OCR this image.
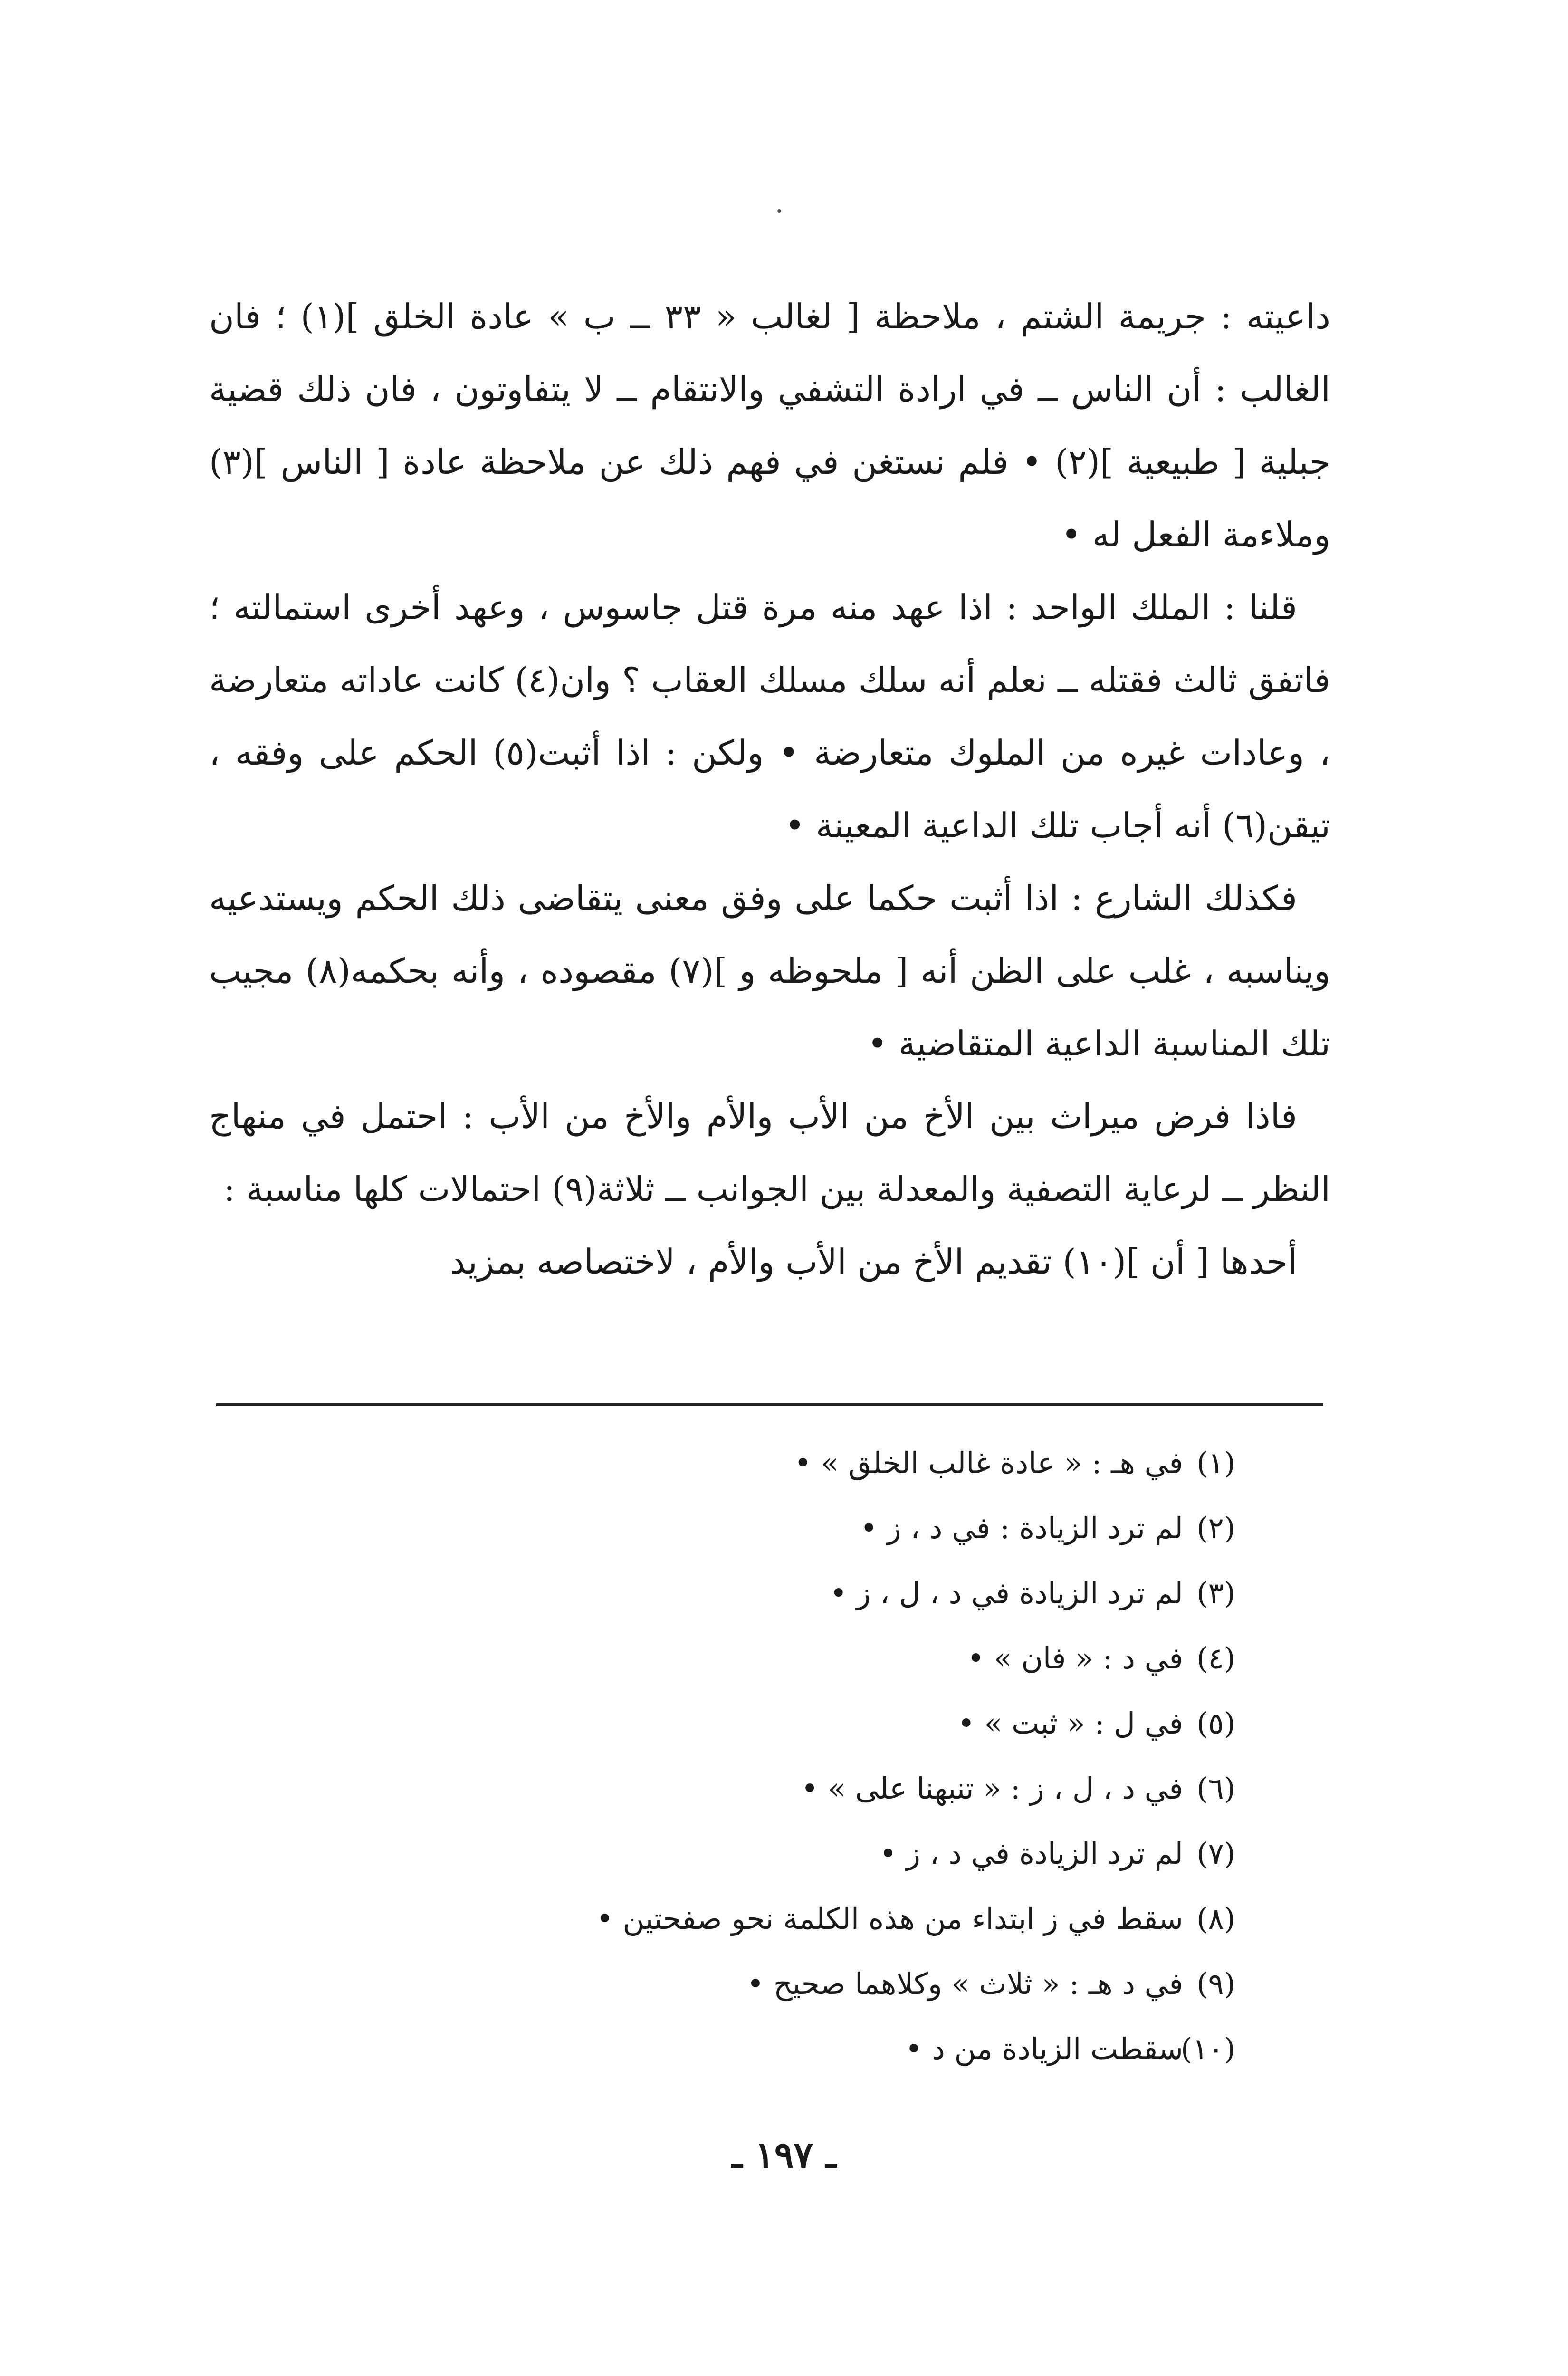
داعيته : جريمة الشتم ، ملاحظة [ لغالب « ٣٣ ــ ب » عادة الخلق ](١) ؛ فان الغالب : أن الناس ــ في ارادة التشفي والانتقام ــ لا يتفاوتون ، فان ذلك قضية جبلية [ طبيعية ](٢) • فلم نستغن في فهم ذلك عن ملاحظة عادة [ الناس ](٣) وملاءمة الفعل له •

قلنا : الملك الواحد : اذا عهد منه مرة قتل جاسوس ، وعهد أخرى استمالته ؛ فاتفق ثالث فقتله ــ نعلم أنه سلك مسلك العقاب ؟ وان(٤) كانت عاداته متعارضة ، وعادات غيره من الملوك متعارضة • ولكن : اذا أثبت(٥) الحكم على وفقه ، تيقن(٦) أنه أجاب تلك الداعية المعينة •

فكذلك الشارع : اذا أثبت حكما على وفق معنى يتقاضى ذلك الحكم ويستدعيه ويناسبه ، غلب على الظن أنه [ ملحوظه و ](٧) مقصوده ، وأنه بحكمه(٨) مجيب تلك المناسبة الداعية المتقاضية •

فاذا فرض ميراث بين الأخ من الأب والأم والأخ من الأب : احتمل في منهاج النظر ــ لرعاية التصفية والمعدلة بين الجوانب ــ ثلاثة(٩) احتمالات كلها مناسبة :

أحدها [ أن ](١٠) تقديم الأخ من الأب والأم ، لاختصاصه بمزيد

(١)
في هـ : « عادة غالب الخلق » •
(٢)
لم ترد الزيادة : في د ، ز •
(٣)
لم ترد الزيادة في د ، ل ، ز •
(٤)
في د : « فان » •
(٥)
في ل : « ثبت » •
(٦)
في د ، ل ، ز : « تنبهنا على » •
(٧)
لم ترد الزيادة في د ، ز •
(٨)
سقط في ز ابتداء من هذه الكلمة نحو صفحتين •
(٩)
في د هـ : « ثلاث » وكلاهما صحيح •
(١٠)
سقطت الزيادة من د •
ـ ١٩٧ ـ
